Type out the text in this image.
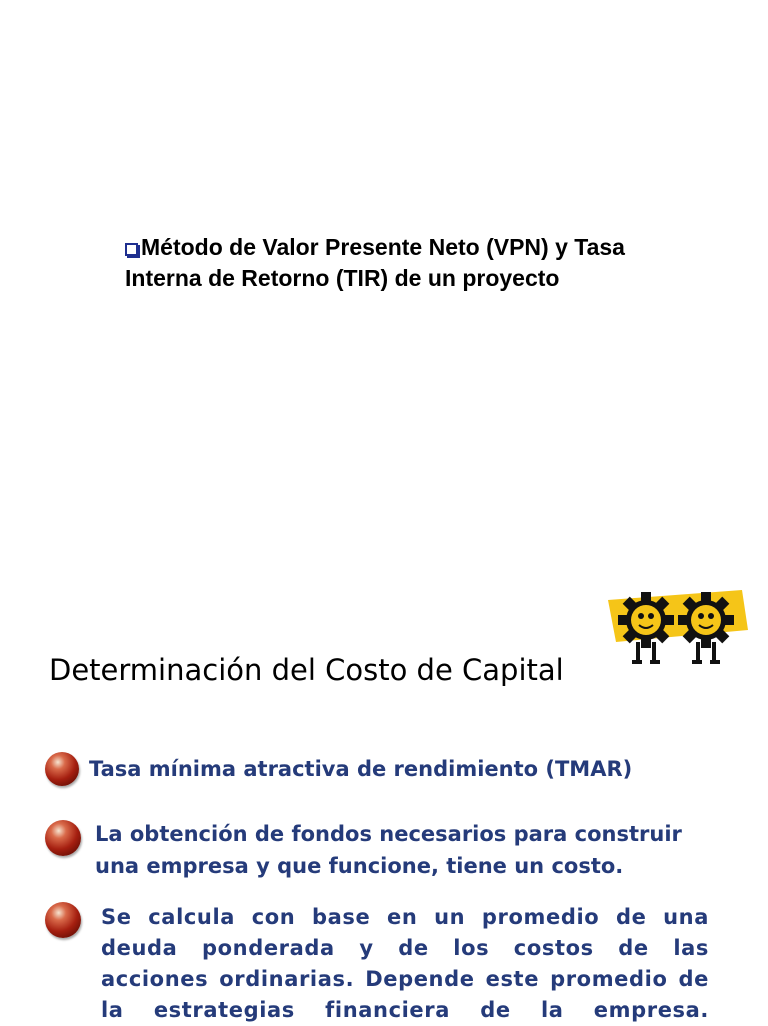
Método de Valor Presente Neto (VPN) y Tasa
Interna de Retorno (TIR) de un proyecto
Determinación del Costo de Capital
Tasa mínima atractiva de rendimiento (TMAR)
La obtención de fondos necesarios para construir
una empresa y que funcione, tiene un costo.
Se calcula con base en un promedio de una
deuda ponderada y de los costos de las
acciones ordinarias. Depende este promedio de
la estrategias financiera de la empresa.
